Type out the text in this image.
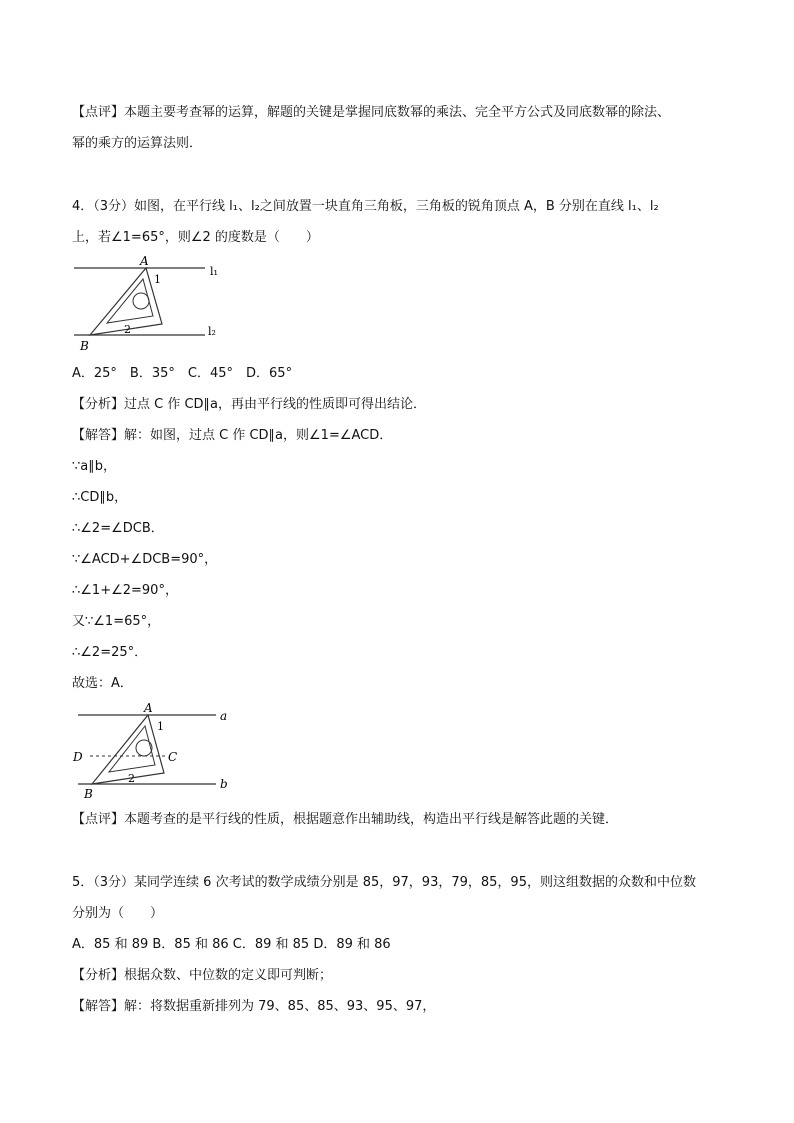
【点评】本题主要考查幂的运算，解题的关键是掌握同底数幂的乘法、完全平方公式及同底数幂的除法、
幂的乘方的运算法则．
4．（3分）如图，在平行线 l₁、l₂之间放置一块直角三角板，三角板的锐角顶点 A，B 分别在直线 l₁、l₂
上，若∠1=65°，则∠2 的度数是（　　）
A
B
1
2
l₁
l₂
A．25°　B．35°　C．45°　D．65°
【分析】过点 C 作 CD∥a，再由平行线的性质即可得出结论．
【解答】解：如图，过点 C 作 CD∥a，则∠1=∠ACD．
∵a∥b，
∴CD∥b，
∴∠2=∠DCB．
∵∠ACD+∠DCB=90°，
∴∠1+∠2=90°，
又∵∠1=65°，
∴∠2=25°．
故选：A．
A
B
C
D
a
b
1
2
【点评】本题考查的是平行线的性质，根据题意作出辅助线，构造出平行线是解答此题的关键．
5．（3分）某同学连续 6 次考试的数学成绩分别是 85，97，93，79，85，95，则这组数据的众数和中位数
分别为（　　）
A．85 和 89 B．85 和 86 C．89 和 85 D．89 和 86
【分析】根据众数、中位数的定义即可判断；
【解答】解：将数据重新排列为 79、85、85、93、95、97，
